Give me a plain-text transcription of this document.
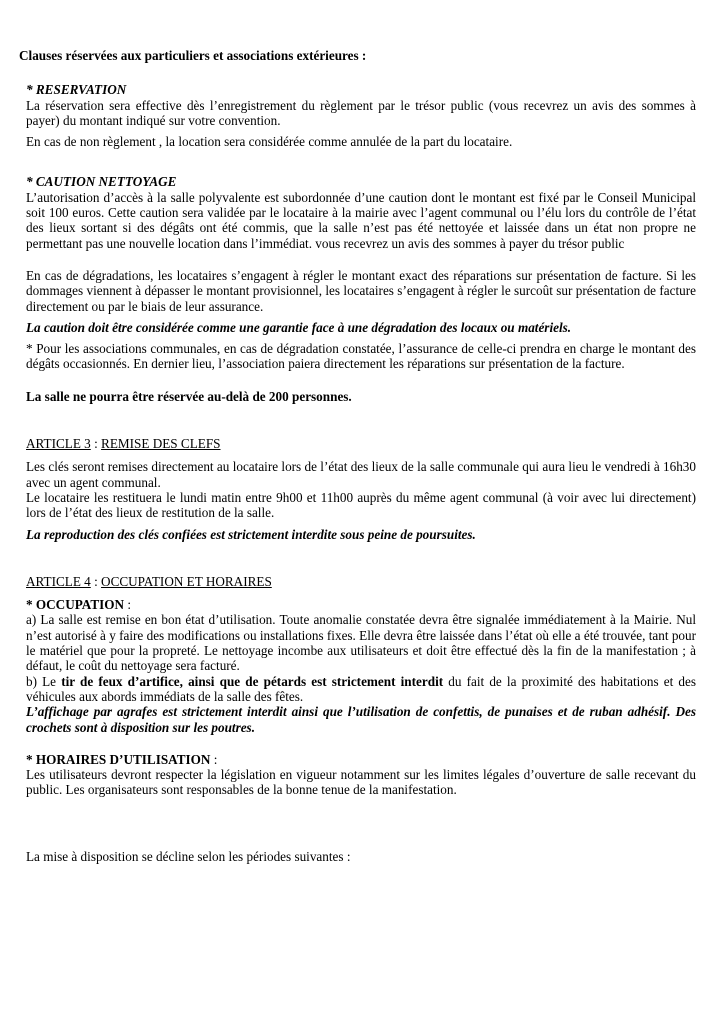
Clauses réservées aux particuliers et associations extérieures :

* RESERVATION

La réservation sera effective dès l’enregistrement du règlement par le trésor public (vous recevrez un avis des sommes à payer) du montant indiqué sur votre convention.

En cas de non règlement , la location sera considérée comme annulée de la part du locataire.

* CAUTION NETTOYAGE

L’autorisation d’accès à la salle polyvalente est subordonnée d’une caution dont le montant est fixé par le Conseil Municipal soit 100 euros. Cette caution sera validée par le locataire à la mairie avec l’agent communal ou l’élu lors du contrôle de l’état des lieux sortant si des dégâts ont été commis, que la salle n’est pas été nettoyée et laissée dans un état non propre ne permettant pas une nouvelle location dans l’immédiat. vous recevrez un avis des sommes à payer du trésor public

En cas de dégradations, les locataires s’engagent à régler le montant exact des réparations sur présentation de facture. Si les dommages viennent à dépasser le montant provisionnel, les locataires s’engagent à régler le surcoût sur présentation de facture directement ou par le biais de leur assurance.

La caution doit être considérée comme une garantie face à une dégradation des locaux ou matériels.

* Pour les associations communales, en cas de dégradation constatée, l’assurance de celle-ci prendra en charge le montant des dégâts occasionnés. En dernier lieu, l’association paiera directement les réparations sur présentation de la facture.

La salle ne pourra être réservée au-delà de 200 personnes.

ARTICLE 3 : REMISE DES CLEFS

Les clés seront remises directement au locataire lors de l’état des lieux de la salle communale qui aura lieu le vendredi à 16h30 avec un agent communal.

Le locataire les restituera le lundi matin entre 9h00 et 11h00 auprès du même agent communal (à voir avec lui directement) lors de l’état des lieux de restitution de la salle.

La reproduction des clés confiées est strictement interdite sous peine de poursuites.

ARTICLE 4 : OCCUPATION ET HORAIRES

* OCCUPATION :

a) La salle est remise en bon état d’utilisation. Toute anomalie constatée devra être signalée immédiatement à la Mairie. Nul n’est autorisé à y faire des modifications ou installations fixes. Elle devra être laissée dans l’état où elle a été trouvée, tant pour le matériel que pour la propreté. Le nettoyage incombe aux utilisateurs et doit être effectué dès la fin de la manifestation ; à défaut, le coût du nettoyage sera facturé.

b) Le tir de feux d’artifice, ainsi que de pétards est strictement interdit du fait de la proximité des habitations et des véhicules aux abords immédiats de la salle des fêtes.

L’affichage par agrafes est strictement interdit ainsi que l’utilisation de confettis, de punaises et de ruban adhésif. Des crochets sont à disposition sur les poutres.

* HORAIRES D’UTILISATION :

Les utilisateurs devront respecter la législation en vigueur notamment sur les limites légales d’ouverture de salle recevant du public. Les organisateurs sont responsables de la bonne tenue de la manifestation.

La mise à disposition se décline selon les périodes suivantes :
